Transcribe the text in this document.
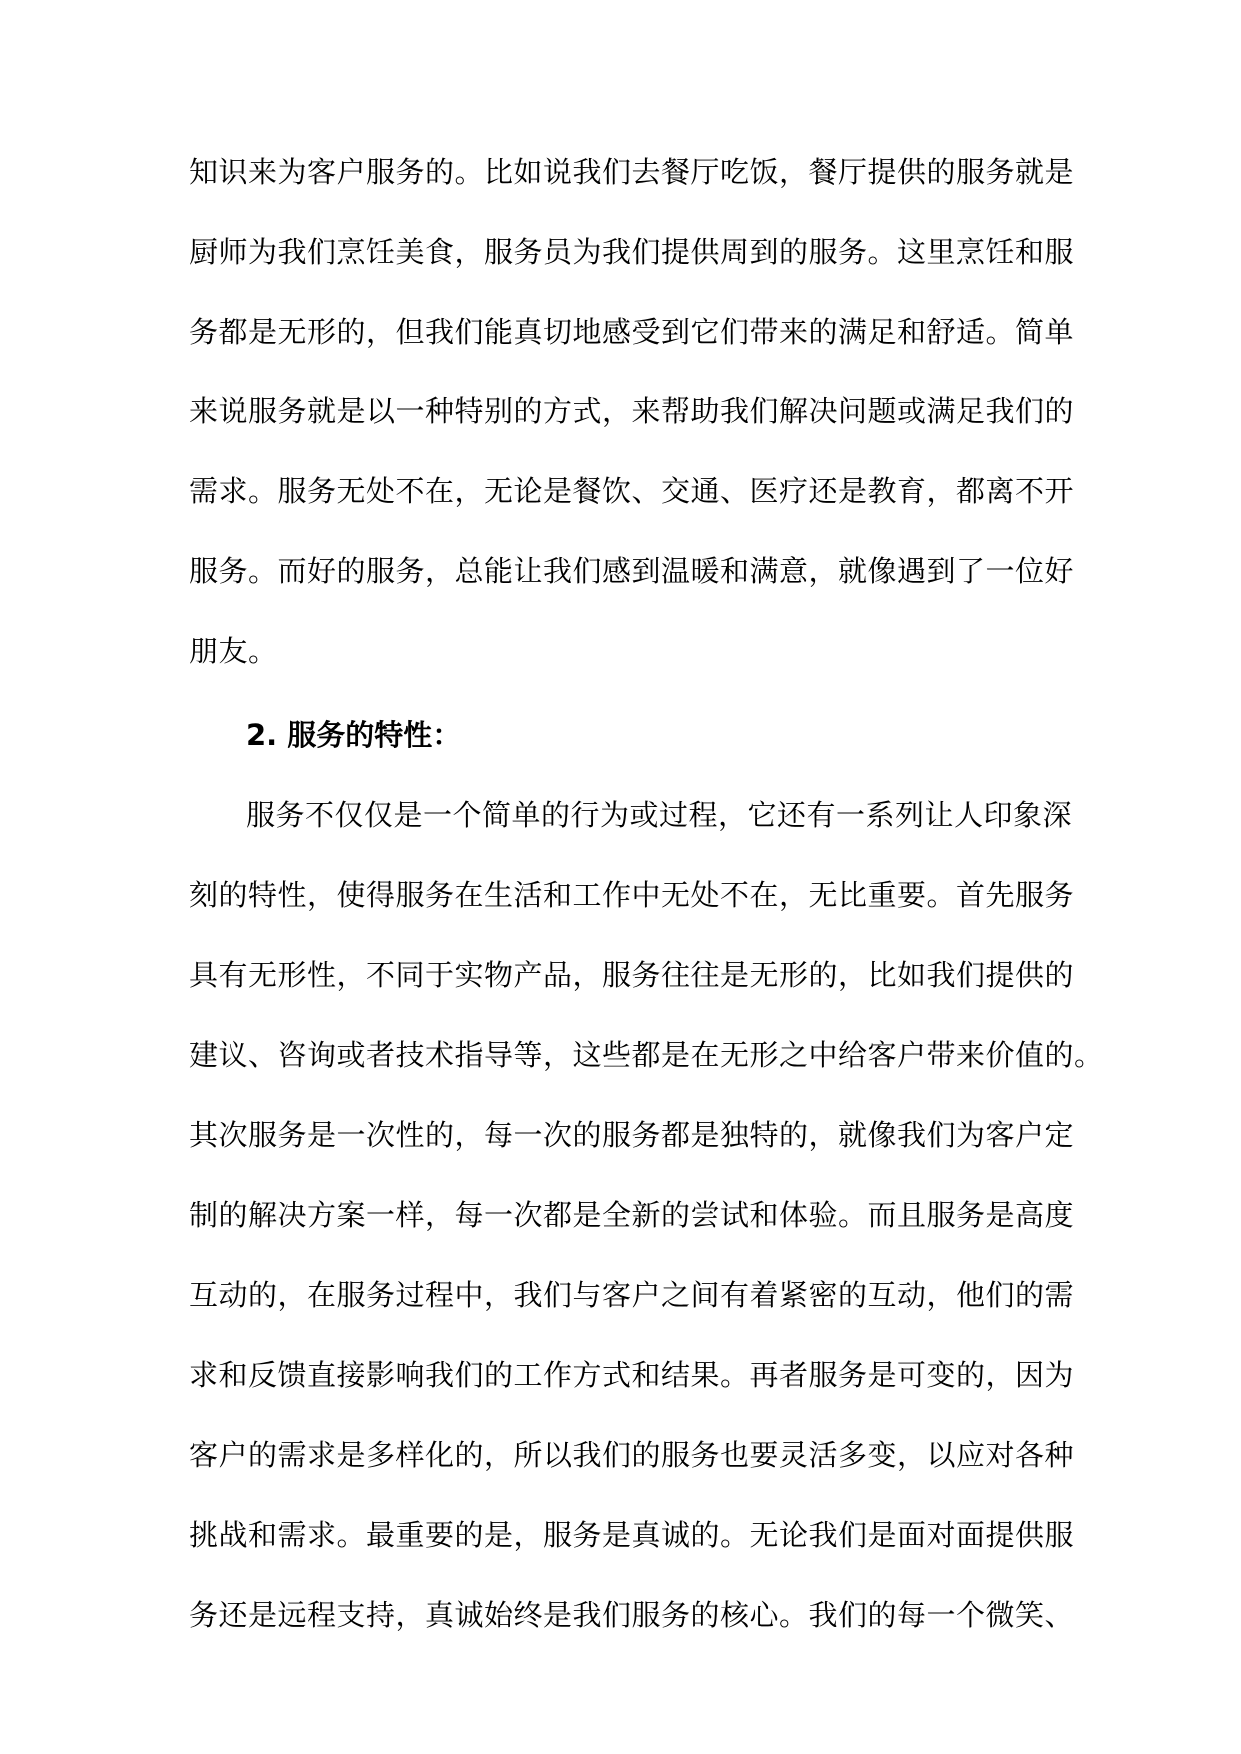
知识来为客户服务的。比如说我们去餐厅吃饭，餐厅提供的服务就是
厨师为我们烹饪美食，服务员为我们提供周到的服务。这里烹饪和服
务都是无形的，但我们能真切地感受到它们带来的满足和舒适。简单
来说服务就是以一种特别的方式，来帮助我们解决问题或满足我们的
需求。服务无处不在，无论是餐饮、交通、医疗还是教育，都离不开
服务。而好的服务，总能让我们感到温暖和满意，就像遇到了一位好
朋友。
2. 服务的特性：
服务不仅仅是一个简单的行为或过程，它还有一系列让人印象深
刻的特性，使得服务在生活和工作中无处不在，无比重要。首先服务
具有无形性，不同于实物产品，服务往往是无形的，比如我们提供的
建议、咨询或者技术指导等，这些都是在无形之中给客户带来价值的。
其次服务是一次性的，每一次的服务都是独特的，就像我们为客户定
制的解决方案一样，每一次都是全新的尝试和体验。而且服务是高度
互动的，在服务过程中，我们与客户之间有着紧密的互动，他们的需
求和反馈直接影响我们的工作方式和结果。再者服务是可变的，因为
客户的需求是多样化的，所以我们的服务也要灵活多变，以应对各种
挑战和需求。最重要的是，服务是真诚的。无论我们是面对面提供服
务还是远程支持，真诚始终是我们服务的核心。我们的每一个微笑、
